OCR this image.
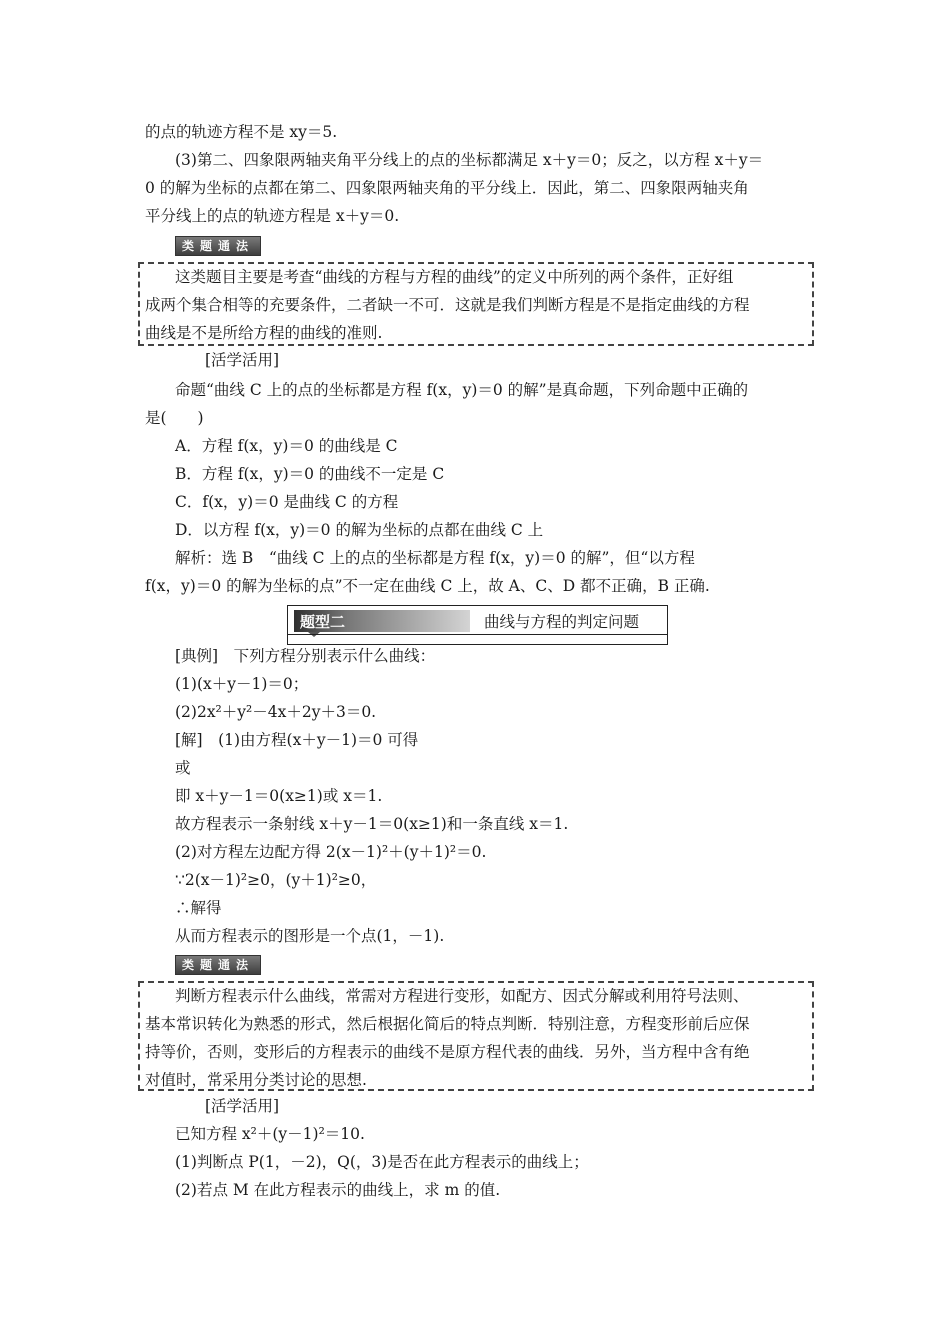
的点的轨迹方程不是 xy＝5.
(3)第二、四象限两轴夹角平分线上的点的坐标都满足 x＋y＝0；反之，以方程 x＋y＝
0 的解为坐标的点都在第二、四象限两轴夹角的平分线上．因此，第二、四象限两轴夹角
平分线上的点的轨迹方程是 x＋y＝0.
类题通法
这类题目主要是考查“曲线的方程与方程的曲线”的定义中所列的两个条件，正好组
成两个集合相等的充要条件，二者缺一不可．这就是我们判断方程是不是指定曲线的方程
曲线是不是所给方程的曲线的准则.
[活学活用]
命题“曲线 C 上的点的坐标都是方程 f(x，y)＝0 的解”是真命题，下列命题中正确的
是(　　)
A．方程 f(x，y)＝0 的曲线是 C
B．方程 f(x，y)＝0 的曲线不一定是 C
C．f(x，y)＝0 是曲线 C 的方程
D．以方程 f(x，y)＝0 的解为坐标的点都在曲线 C 上
解析：选 B　“曲线 C 上的点的坐标都是方程 f(x，y)＝0 的解”，但“以方程
f(x，y)＝0 的解为坐标的点”不一定在曲线 C 上，故 A、C、D 都不正确，B 正确.
题型二	曲线与方程的判定问题
[典例]　下列方程分别表示什么曲线：
(1)(x＋y－1)＝0；
(2)2x²＋y²－4x＋2y＋3＝0.
[解]　(1)由方程(x＋y－1)＝0 可得
或
即 x＋y－1＝0(x≥1)或 x＝1.
故方程表示一条射线 x＋y－1＝0(x≥1)和一条直线 x＝1.
(2)对方程左边配方得 2(x－1)²＋(y＋1)²＝0.
∵2(x－1)²≥0，(y＋1)²≥0，
∴解得
从而方程表示的图形是一个点(1，－1).
类题通法
判断方程表示什么曲线，常需对方程进行变形，如配方、因式分解或利用符号法则、
基本常识转化为熟悉的形式，然后根据化简后的特点判断．特别注意，方程变形前后应保
持等价，否则，变形后的方程表示的曲线不是原方程代表的曲线．另外，当方程中含有绝
对值时，常采用分类讨论的思想.
[活学活用]
已知方程 x²＋(y－1)²＝10.
(1)判断点 P(1，－2)，Q(，3)是否在此方程表示的曲线上；
(2)若点 M 在此方程表示的曲线上，求 m 的值.
